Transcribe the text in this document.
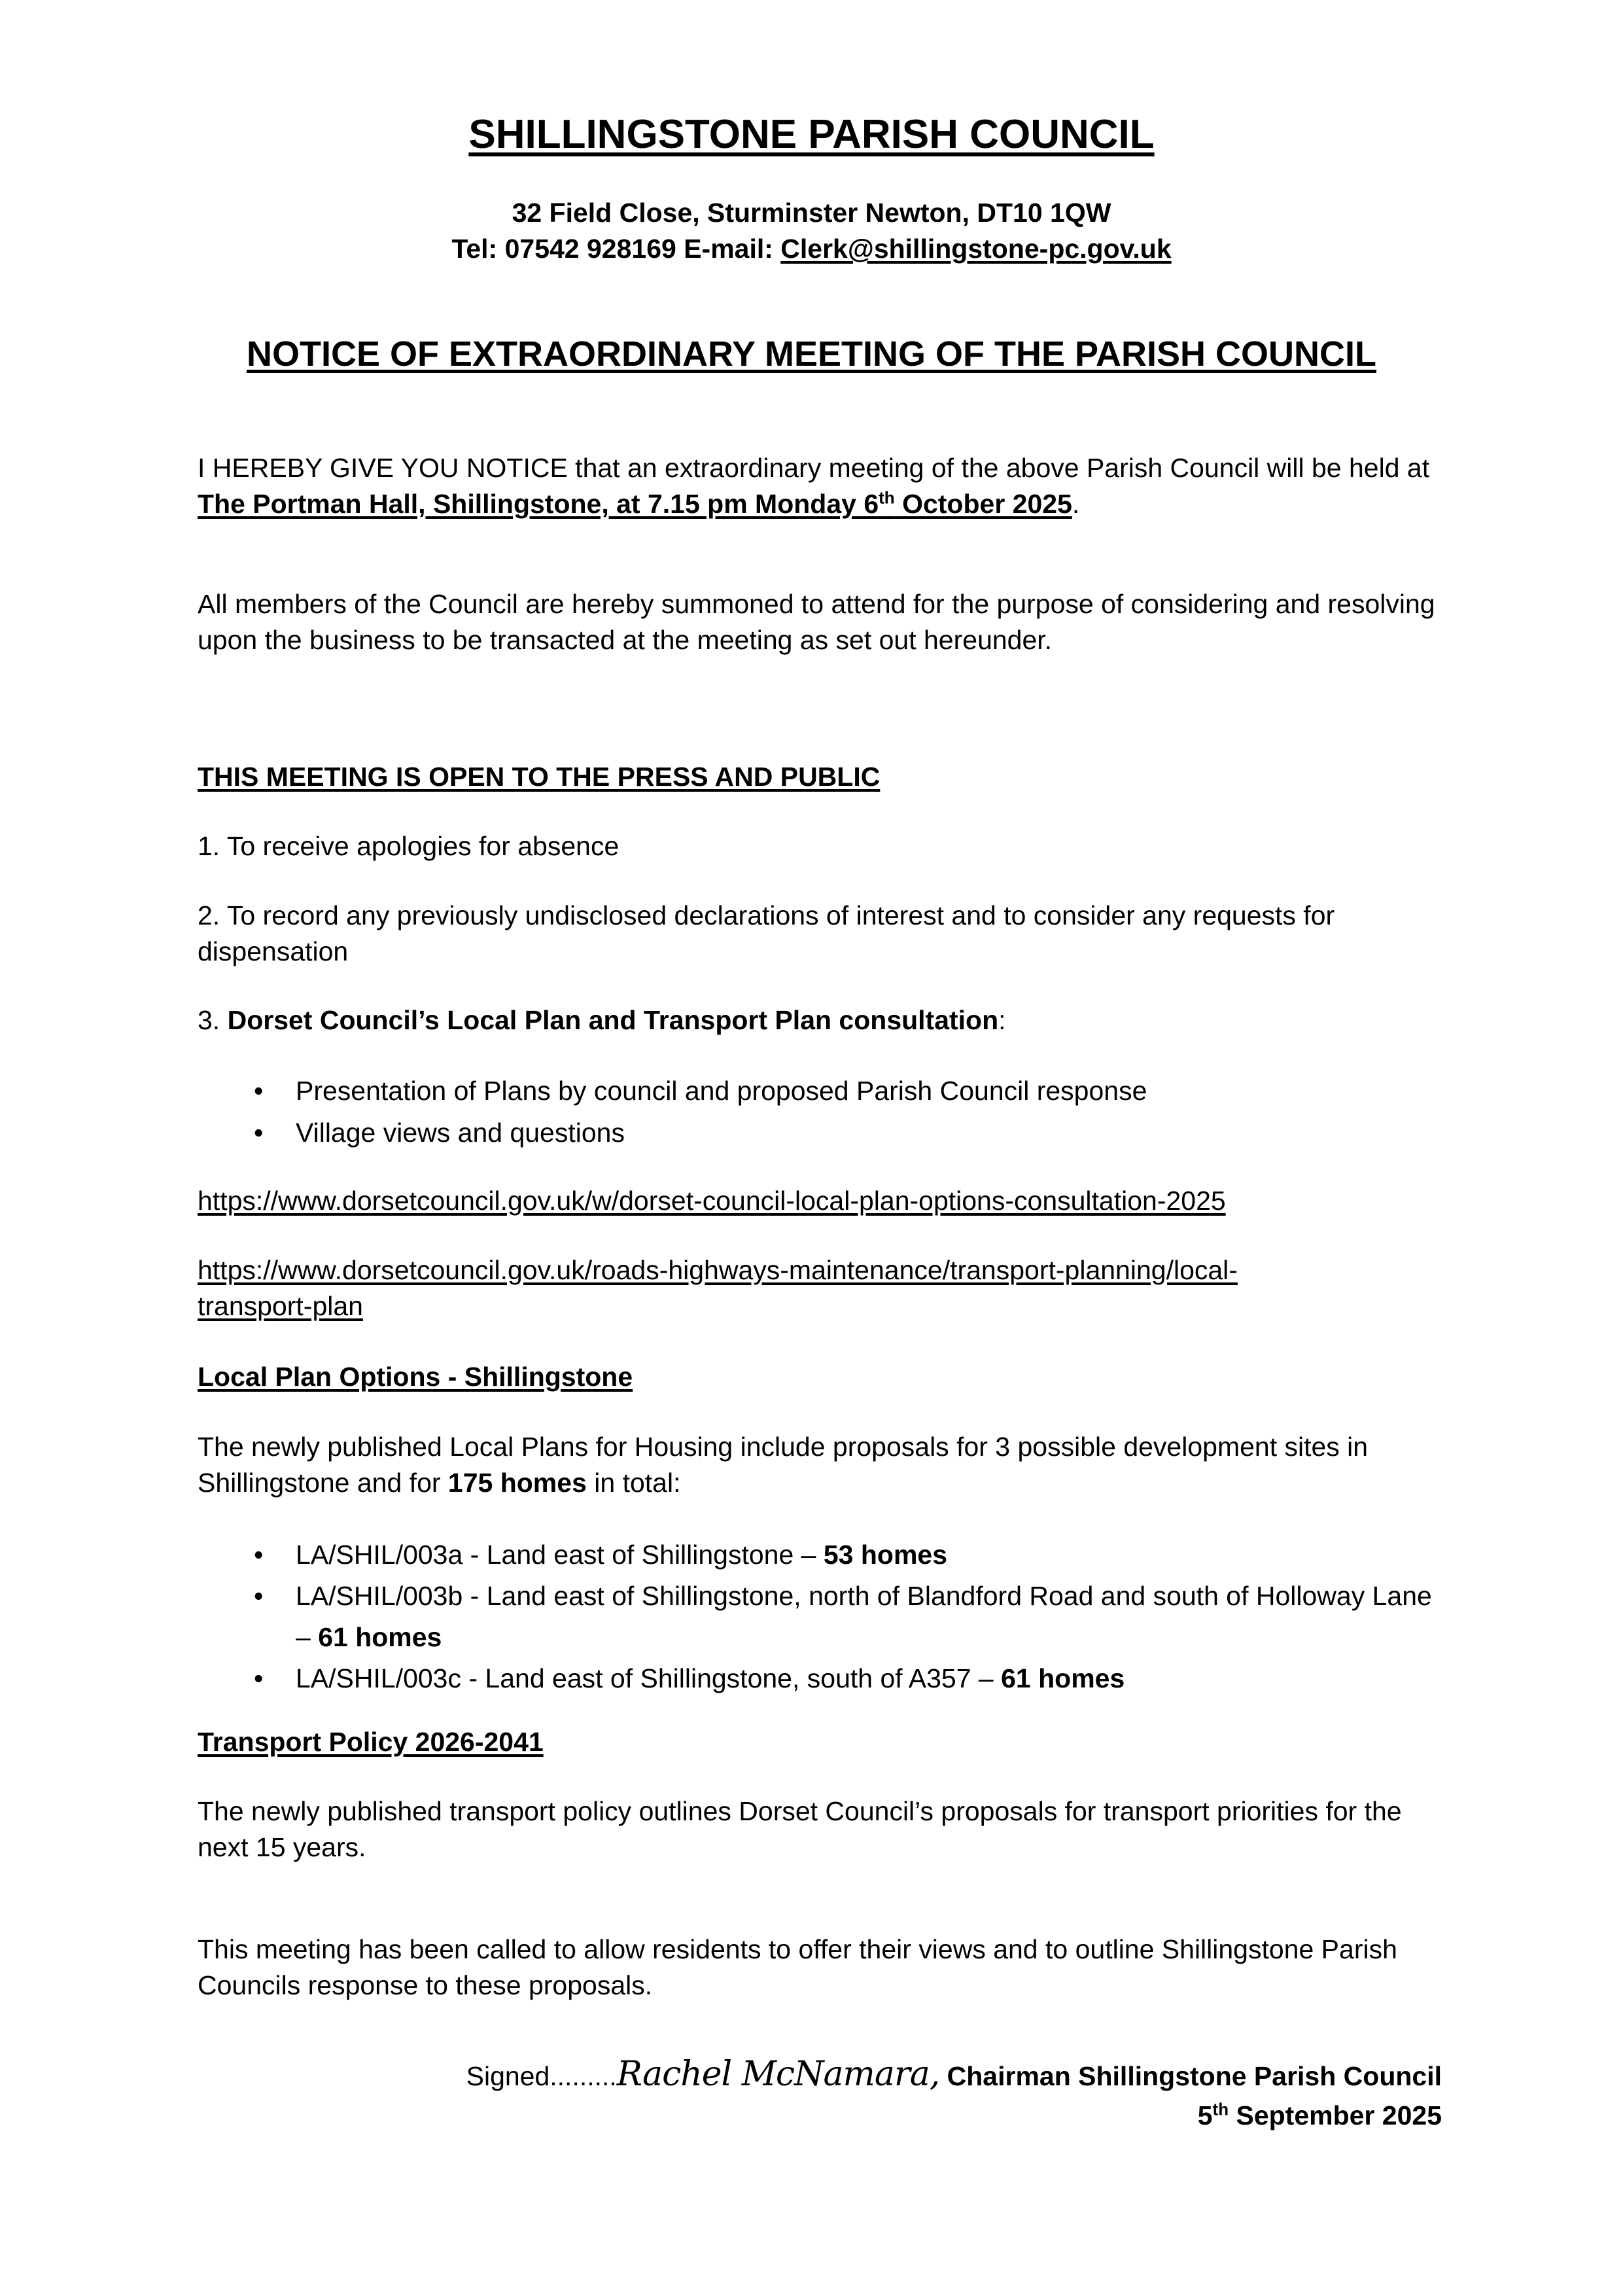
SHILLINGSTONE PARISH COUNCIL
32 Field Close, Sturminster Newton, DT10 1QW
Tel: 07542 928169 E-mail: Clerk@shillingstone-pc.gov.uk
NOTICE OF EXTRAORDINARY MEETING OF THE PARISH COUNCIL

I HEREBY GIVE YOU NOTICE that an extraordinary meeting of the above Parish Council will be held at The Portman Hall, Shillingstone, at 7.15 pm Monday 6th October 2025.

All members of the Council are hereby summoned to attend for the purpose of considering and resolving upon the business to be transacted at the meeting as set out hereunder.

THIS MEETING IS OPEN TO THE PRESS AND PUBLIC

1. To receive apologies for absence

2. To record any previously undisclosed declarations of interest and to consider any requests for dispensation

3. Dorset Council’s Local Plan and Transport Plan consultation:

• Presentation of Plans by council and proposed Parish Council response
• Village views and questions

https://www.dorsetcouncil.gov.uk/w/dorset-council-local-plan-options-consultation-2025

https://www.dorsetcouncil.gov.uk/roads-highways-maintenance/transport-planning/local-
transport-plan

Local Plan Options - Shillingstone

The newly published Local Plans for Housing include proposals for 3 possible development sites in Shillingstone and for 175 homes in total:

• LA/SHIL/003a - Land east of Shillingstone – 53 homes
• LA/SHIL/003b - Land east of Shillingstone, north of Blandford Road and south of Holloway Lane – 61 homes
• LA/SHIL/003c - Land east of Shillingstone, south of A357 – 61 homes

Transport Policy 2026-2041

The newly published transport policy outlines Dorset Council’s proposals for transport priorities for the next 15 years.

This meeting has been called to allow residents to offer their views and to outline Shillingstone Parish Councils response to these proposals.

Signed.........Rachel McNamara, Chairman Shillingstone Parish Council
5th September 2025
